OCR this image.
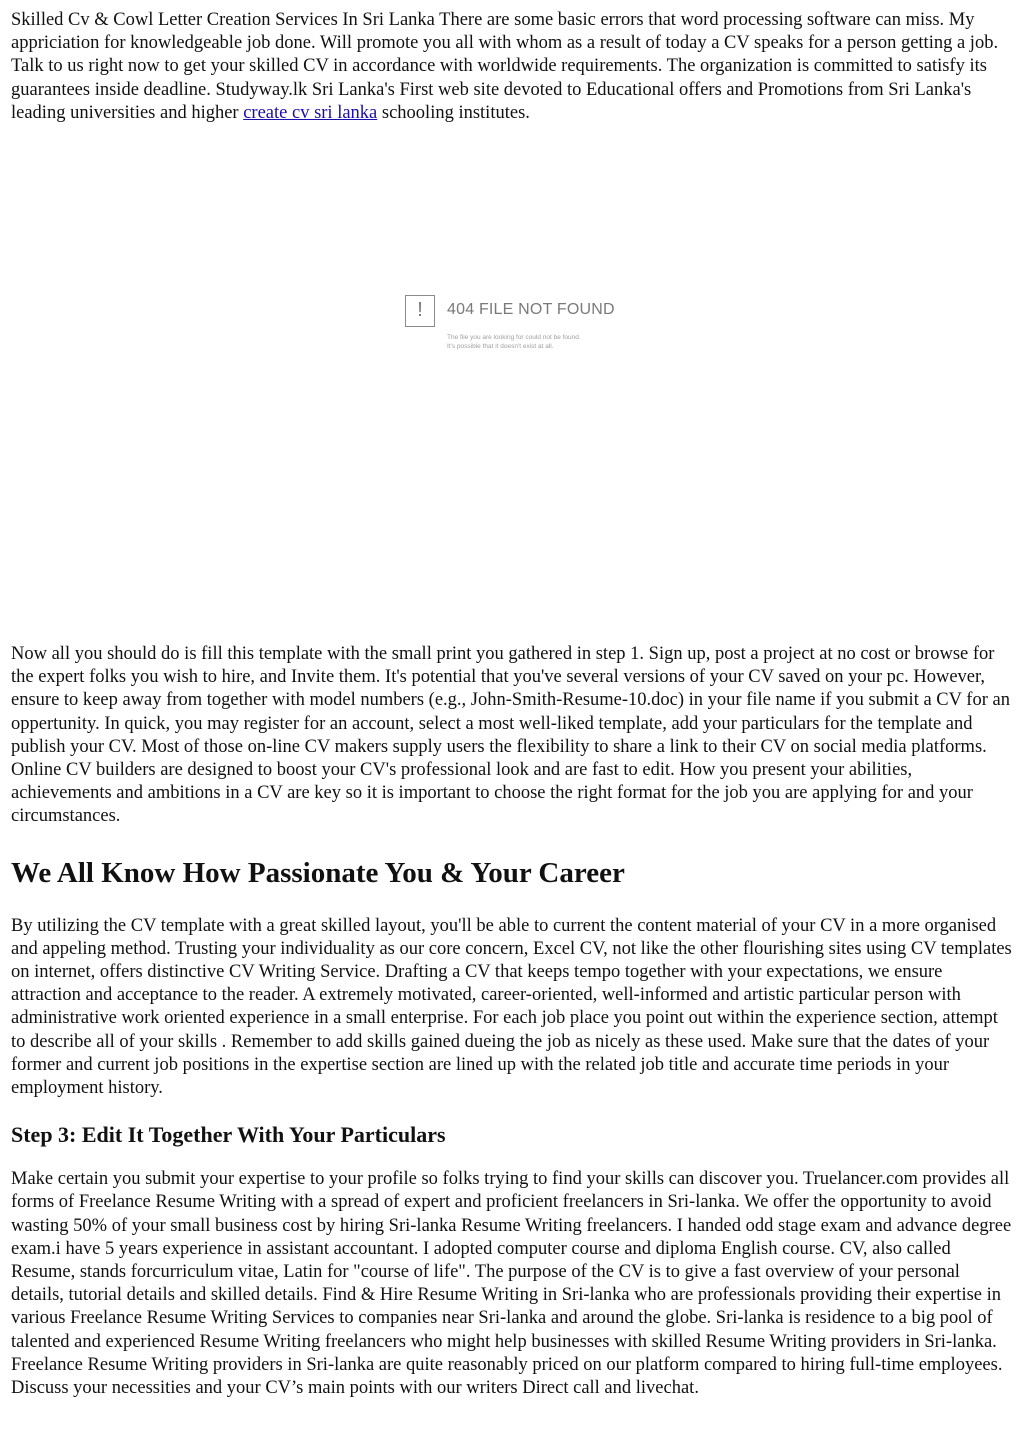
Skilled Cv & Cowl Letter Creation Services In Sri Lanka There are some basic errors that word processing software can miss. My appriciation for knowledgeable job done. Will promote you all with whom as a result of today a CV speaks for a person getting a job. Talk to us right now to get your skilled CV in accordance with worldwide requirements. The organization is committed to satisfy its guarantees inside deadline. Studyway.lk Sri Lanka's First web site devoted to Educational offers and Promotions from Sri Lanka's leading universities and higher create cv sri lanka schooling institutes.

!	404 FILE NOT FOUND
The file you are looking for could not be found.
It's possible that it doesn't exist at all.

Now all you should do is fill this template with the small print you gathered in step 1. Sign up, post a project at no cost or browse for the expert folks you wish to hire, and Invite them. It's potential that you've several versions of your CV saved on your pc. However, ensure to keep away from together with model numbers (e.g., John-Smith-Resume-10.doc) in your file name if you submit a CV for an oppertunity. In quick, you may register for an account, select a most well-liked template, add your particulars for the template and publish your CV. Most of those on-line CV makers supply users the flexibility to share a link to their CV on social media platforms. Online CV builders are designed to boost your CV's professional look and are fast to edit. How you present your abilities, achievements and ambitions in a CV are key so it is important to choose the right format for the job you are applying for and your circumstances.

We All Know How Passionate You & Your Career

By utilizing the CV template with a great skilled layout, you'll be able to current the content material of your CV in a more organised and appeling method. Trusting your individuality as our core concern, Excel CV, not like the other flourishing sites using CV templates on internet, offers distinctive CV Writing Service. Drafting a CV that keeps tempo together with your expectations, we ensure attraction and acceptance to the reader. A extremely motivated, career-oriented, well-informed and artistic particular person with administrative work oriented experience in a small enterprise. For each job place you point out within the experience section, attempt to describe all of your skills . Remember to add skills gained dueing the job as nicely as these used. Make sure that the dates of your former and current job positions in the expertise section are lined up with the related job title and accurate time periods in your employment history.

Step 3: Edit It Together With Your Particulars

Make certain you submit your expertise to your profile so folks trying to find your skills can discover you. Truelancer.com provides all forms of Freelance Resume Writing with a spread of expert and proficient freelancers in Sri-lanka. We offer the opportunity to avoid wasting 50% of your small business cost by hiring Sri-lanka Resume Writing freelancers. I handed odd stage exam and advance degree exam.i have 5 years experience in assistant accountant. I adopted computer course and diploma English course. CV, also called Resume, stands forcurriculum vitae, Latin for "course of life". The purpose of the CV is to give a fast overview of your personal details, tutorial details and skilled details. Find & Hire Resume Writing in Sri-lanka who are professionals providing their expertise in various Freelance Resume Writing Services to companies near Sri-lanka and around the globe. Sri-lanka is residence to a big pool of talented and experienced Resume Writing freelancers who might help businesses with skilled Resume Writing providers in Sri-lanka. Freelance Resume Writing providers in Sri-lanka are quite reasonably priced on our platform compared to hiring full-time employees. Discuss your necessities and your CV’s main points with our writers Direct call and livechat.
